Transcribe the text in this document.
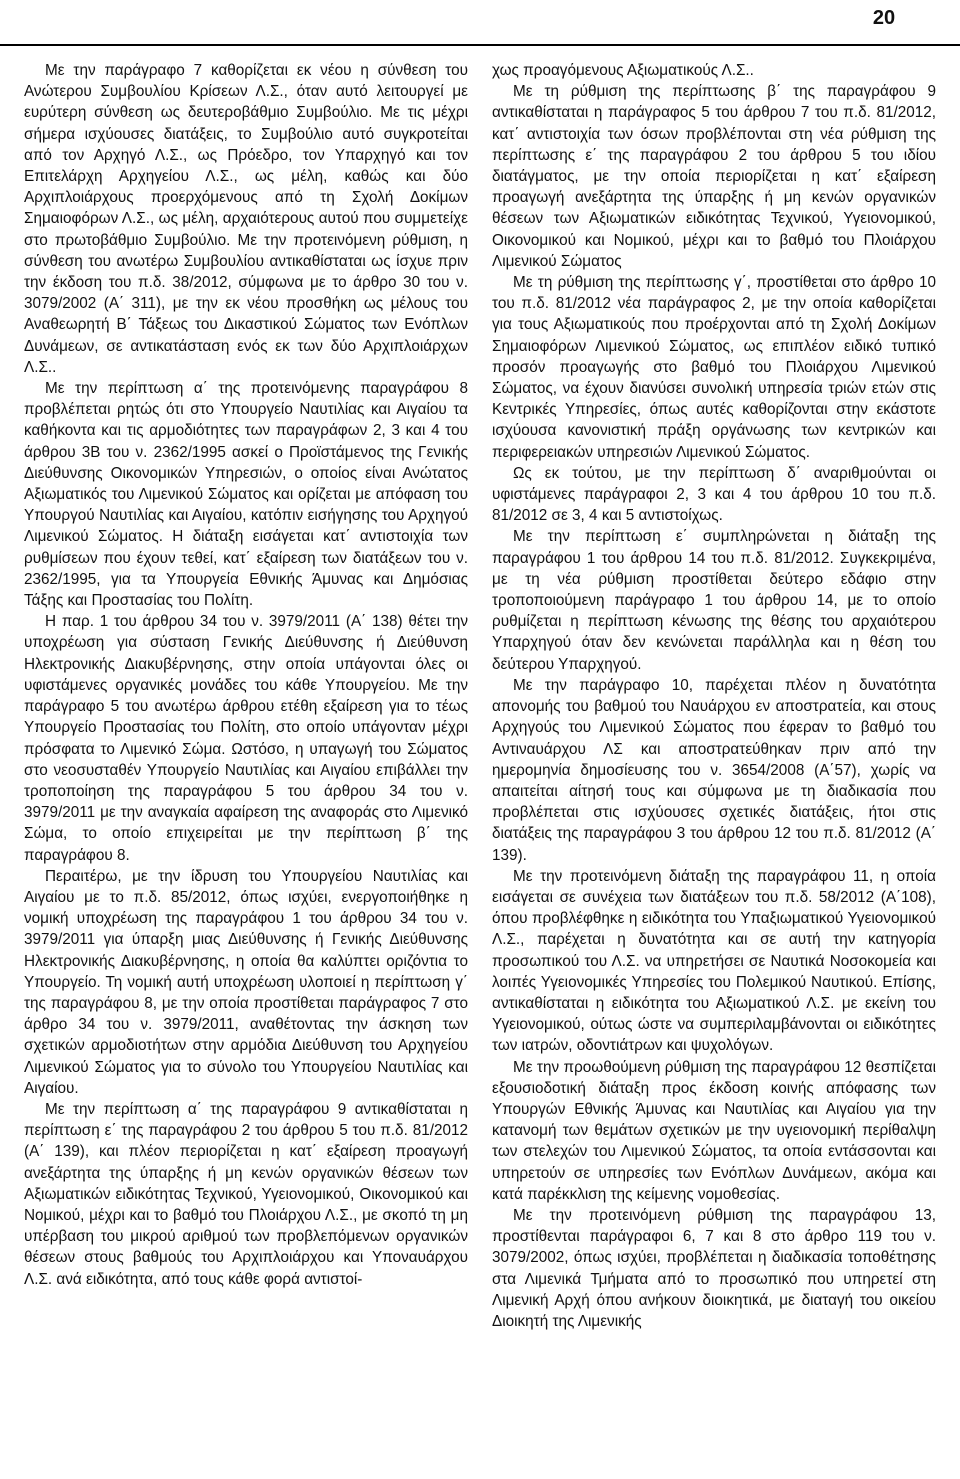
20

Με την παράγραφο 7 καθορίζεται εκ νέου η σύνθεση του Ανώτερου Συμβουλίου Κρίσεων Λ.Σ., όταν αυτό λειτουργεί με ευρύτερη σύνθεση ως δευτεροβάθμιο Συμβούλιο. Με τις μέχρι σήμερα ισχύουσες διατάξεις, το Συμβούλιο αυτό συγκροτείται από τον Αρχηγό Λ.Σ., ως Πρόεδρο, τον Υπαρχηγό και τον Επιτελάρχη Αρχηγείου Λ.Σ., ως μέλη, καθώς και δύο Αρχιπλοιάρχους προερχόμενους από τη Σχολή Δοκίμων Σημαιοφόρων Λ.Σ., ως μέλη, αρχαιότερους αυτού που συμμετείχε στο πρωτοβάθμιο Συμβούλιο. Με την προτεινόμενη ρύθμιση, η σύνθεση του ανωτέρω Συμβουλίου αντικαθίσταται ως ίσχυε πριν την έκδοση του π.δ. 38/2012, σύμφωνα με το άρθρο 30 του ν. 3079/2002 (Α΄ 311), με την εκ νέου προσθήκη ως μέλους του Αναθεωρητή Β΄ Τάξεως του Δικαστικού Σώματος των Ενόπλων Δυνάμεων, σε αντικατάσταση ενός εκ των δύο Αρχιπλοιάρχων Λ.Σ..

Με την περίπτωση α΄ της προτεινόμενης παραγράφου 8 προβλέπεται ρητώς ότι στο Υπουργείο Ναυτιλίας και Αιγαίου τα καθήκοντα και τις αρμοδιότητες των παραγράφων 2, 3 και 4 του άρθρου 3Β του ν. 2362/1995 ασκεί ο Προϊστάμενος της Γενικής Διεύθυνσης Οικονομικών Υπηρεσιών, ο οποίος είναι Ανώτατος Αξιωματικός του Λιμενικού Σώματος και ορίζεται με απόφαση του Υπουργού Ναυτιλίας και Αιγαίου, κατόπιν εισήγησης του Αρχηγού Λιμενικού Σώματος. Η διάταξη εισάγεται κατ΄ αντιστοιχία των ρυθμίσεων που έχουν τεθεί, κατ΄ εξαίρεση των διατάξεων του ν. 2362/1995, για τα Υπουργεία Εθνικής Άμυνας και Δημόσιας Τάξης και Προστασίας του Πολίτη.

Η παρ. 1 του άρθρου 34 του ν. 3979/2011 (Α΄ 138) θέτει την υποχρέωση για σύσταση Γενικής Διεύθυνσης ή Διεύθυνση Ηλεκτρονικής Διακυβέρνησης, στην οποία υπάγονται όλες οι υφιστάμενες οργανικές μονάδες του κάθε Υπουργείου. Με την παράγραφο 5 του ανωτέρω άρθρου ετέθη εξαίρεση για το τέως Υπουργείο Προστασίας του Πολίτη, στο οποίο υπάγονταν μέχρι πρόσφατα το Λιμενικό Σώμα. Ωστόσο, η υπαγωγή του Σώματος στο νεοσυσταθέν Υπουργείο Ναυτιλίας και Αιγαίου επιβάλλει την τροποποίηση της παραγράφου 5 του άρθρου 34 του ν. 3979/2011 με την αναγκαία αφαίρεση της αναφοράς στο Λιμενικό Σώμα, το οποίο επιχειρείται με την περίπτωση β΄ της παραγράφου 8.

Περαιτέρω, με την ίδρυση του Υπουργείου Ναυτιλίας και Αιγαίου με το π.δ. 85/2012, όπως ισχύει, ενεργοποιήθηκε η νομική υποχρέωση της παραγράφου 1 του άρθρου 34 του ν. 3979/2011 για ύπαρξη μιας Διεύθυνσης ή Γενικής Διεύθυνσης Ηλεκτρονικής Διακυβέρνησης, η οποία θα καλύπτει οριζόντια το Υπουργείο. Τη νομική αυτή υποχρέωση υλοποιεί η περίπτωση γ΄ της παραγράφου 8, με την οποία προστίθεται παράγραφος 7 στο άρθρο 34 του ν. 3979/2011, αναθέτοντας την άσκηση των σχετικών αρμοδιοτήτων στην αρμόδια Διεύθυνση του Αρχηγείου Λιμενικού Σώματος για το σύνολο του Υπουργείου Ναυτιλίας και Αιγαίου.

Με την περίπτωση α΄ της παραγράφου 9 αντικαθίσταται η περίπτωση ε΄ της παραγράφου 2 του άρθρου 5 του π.δ. 81/2012 (Α΄ 139), και πλέον περιορίζεται η κατ΄ εξαίρεση προαγωγή ανεξάρτητα της ύπαρξης ή μη κενών οργανικών θέσεων των Αξιωματικών ειδικότητας Τεχνικού, Υγειονομικού, Οικονομικού και Νομικού, μέχρι και το βαθμό του Πλοιάρχου Λ.Σ., με σκοπό τη μη υπέρβαση του μικρού αριθμού των προβλεπόμενων οργανικών θέσεων στους βαθμούς του Αρχιπλοιάρχου και Υποναυάρχου Λ.Σ. ανά ειδικότητα, από τους κάθε φορά αντιστοί-

χως προαγόμενους Αξιωματικούς Λ.Σ..

Με τη ρύθμιση της περίπτωσης β΄ της παραγράφου 9 αντικαθίσταται η παράγραφος 5 του άρθρου 7 του π.δ. 81/2012, κατ΄ αντιστοιχία των όσων προβλέπονται στη νέα ρύθμιση της περίπτωσης ε΄ της παραγράφου 2 του άρθρου 5 του ιδίου διατάγματος, με την οποία περιορίζεται η κατ΄ εξαίρεση προαγωγή ανεξάρτητα της ύπαρξης ή μη κενών οργανικών θέσεων των Αξιωματικών ειδικότητας Τεχνικού, Υγειονομικού, Οικονομικού και Νομικού, μέχρι και το βαθμό του Πλοιάρχου Λιμενικού Σώματος

Με τη ρύθμιση της περίπτωσης γ΄, προστίθεται στο άρθρο 10 του π.δ. 81/2012 νέα παράγραφος 2, με την οποία καθορίζεται για τους Αξιωματικούς που προέρχονται από τη Σχολή Δοκίμων Σημαιοφόρων Λιμενικού Σώματος, ως επιπλέον ειδικό τυπικό προσόν προαγωγής στο βαθμό του Πλοιάρχου Λιμενικού Σώματος, να έχουν διανύσει συνολική υπηρεσία τριών ετών στις Κεντρικές Υπηρεσίες, όπως αυτές καθορίζονται στην εκάστοτε ισχύουσα κανονιστική πράξη οργάνωσης των κεντρικών και περιφερειακών υπηρεσιών Λιμενικού Σώματος.

Ως εκ τούτου, με την περίπτωση δ΄ αναριθμούνται οι υφιστάμενες παράγραφοι 2, 3 και 4 του άρθρου 10 του π.δ. 81/2012 σε 3, 4 και 5 αντιστοίχως.

Με την περίπτωση ε΄ συμπληρώνεται η διάταξη της παραγράφου 1 του άρθρου 14 του π.δ. 81/2012. Συγκεκριμένα, με τη νέα ρύθμιση προστίθεται δεύτερο εδάφιο στην τροποποιούμενη παράγραφο 1 του άρθρου 14, με το οποίο ρυθμίζεται η περίπτωση κένωσης της θέσης του αρχαιότερου Υπαρχηγού όταν δεν κενώνεται παράλληλα και η θέση του δεύτερου Υπαρχηγού.

Με την παράγραφο 10, παρέχεται πλέον η δυνατότητα απονομής του βαθμού του Ναυάρχου εν αποστρατεία, και στους Αρχηγούς του Λιμενικού Σώματος που έφεραν το βαθμό του Αντιναυάρχου ΛΣ και αποστρατεύθηκαν πριν από την ημερομηνία δημοσίευσης του ν. 3654/2008 (Α΄57), χωρίς να απαιτείται αίτησή τους και σύμφωνα με τη διαδικασία που προβλέπεται στις ισχύουσες σχετικές διατάξεις, ήτοι στις διατάξεις της παραγράφου 3 του άρθρου 12 του π.δ. 81/2012 (Α΄ 139).

Με την προτεινόμενη διάταξη της παραγράφου 11, η οποία εισάγεται σε συνέχεια των διατάξεων του π.δ. 58/2012 (Α΄108), όπου προβλέφθηκε η ειδικότητα του Υπαξιωματικού Υγειονομικού Λ.Σ., παρέχεται η δυνατότητα και σε αυτή την κατηγορία προσωπικού του Λ.Σ. να υπηρετήσει σε Ναυτικά Νοσοκομεία και λοιπές Υγειονομικές Υπηρεσίες του Πολεμικού Ναυτικού. Επίσης, αντικαθίσταται η ειδικότητα του Αξιωματικού Λ.Σ. με εκείνη του Υγειονομικού, ούτως ώστε να συμπεριλαμβάνονται οι ειδικότητες των ιατρών, οδοντιάτρων και ψυχολόγων.

Με την προωθούμενη ρύθμιση της παραγράφου 12 θεσπίζεται εξουσιοδοτική διάταξη προς έκδοση κοινής απόφασης των Υπουργών Εθνικής Άμυνας και Ναυτιλίας και Αιγαίου για την κατανομή των θεμάτων σχετικών με την υγειονομική περίθαλψη των στελεχών του Λιμενικού Σώματος, τα οποία εντάσσονται και υπηρετούν σε υπηρεσίες των Ενόπλων Δυνάμεων, ακόμα και κατά παρέκκλιση της κείμενης νομοθεσίας.

Με την προτεινόμενη ρύθμιση της παραγράφου 13, προστίθενται παράγραφοι 6, 7 και 8 στο άρθρο 119 του ν. 3079/2002, όπως ισχύει, προβλέπεται η διαδικασία τοποθέτησης στα Λιμενικά Τμήματα από το προσωπικό που υπηρετεί στη Λιμενική Αρχή όπου ανήκουν διοικητικά, με διαταγή του οικείου Διοικητή της Λιμενικής
